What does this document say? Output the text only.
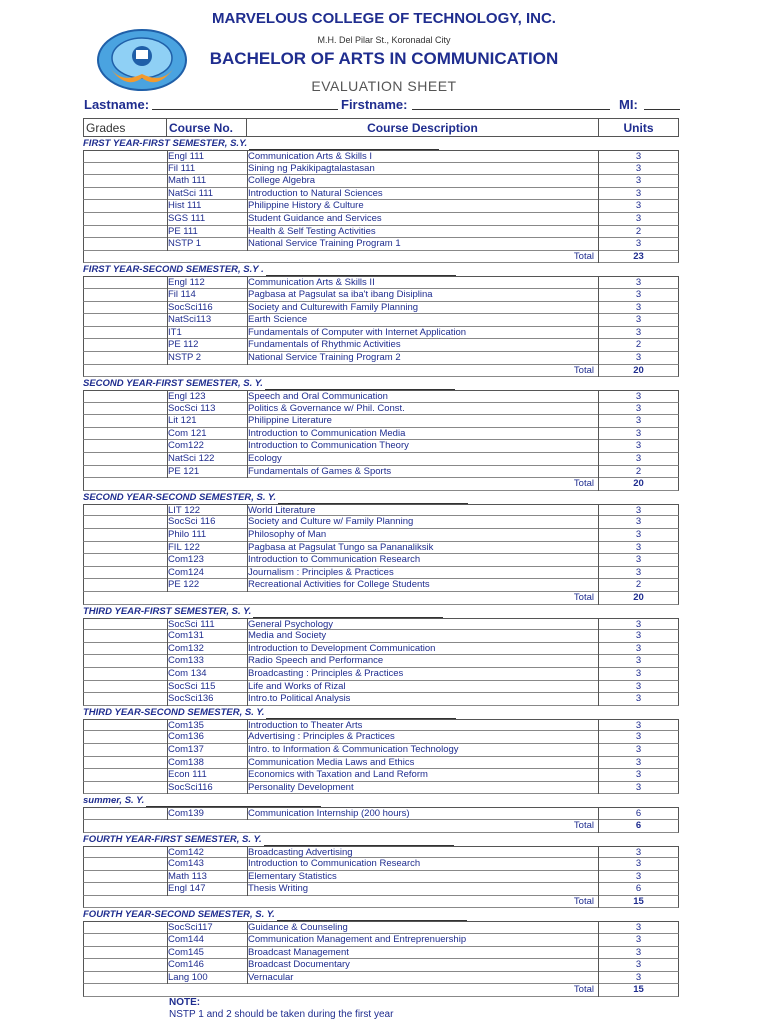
MARVELOUS COLLEGE OF TECHNOLOGY, INC.
M.H. Del Pilar St., Koronadal City
BACHELOR OF ARTS IN COMMUNICATION
EVALUATION SHEET
Lastname:	Firstname:	MI:
Grades	Course No.	Course Description	Units
FIRST YEAR-FIRST SEMESTER, S.Y.
Engl 111	Communication Arts & Skills I	3
Fil 111	Sining ng Pakikipagtalastasan	3
Math 111	College Algebra	3
NatSci 111	Introduction to Natural Sciences	3
Hist 111	Philippine History & Culture	3
SGS 111	Student Guidance and Services	3
PE 111	Health & Self Testing Activities	2
NSTP 1	National Service Training Program 1	3
Total	23
FIRST YEAR-SECOND SEMESTER, S.Y .
Engl 112	Communication Arts & Skills II	3
Fil 114	Pagbasa at Pagsulat sa iba't ibang Disiplina	3
SocSci116	Society and Culturewith Family Planning	3
NatSci113	Earth Science	3
IT1	Fundamentals of Computer with Internet Application	3
PE 112	Fundamentals of Rhythmic Activities	2
NSTP 2	National Service Training Program 2	3
Total	20
SECOND YEAR-FIRST SEMESTER, S. Y.
Engl 123	Speech and Oral Communication	3
SocSci 113	Politics & Governance w/ Phil. Const.	3
Lit 121	Philippine Literature	3
Com 121	Introduction to Communication Media	3
Com122	Introduction to Communication Theory	3
NatSci 122	Ecology	3
PE 121	Fundamentals of Games & Sports	2
Total	20
SECOND YEAR-SECOND SEMESTER, S. Y.
LIT 122	World Literature	3
SocSci 116	Society and Culture w/ Family Planning	3
Philo 111	Philosophy of Man	3
FIL 122	Pagbasa at Pagsulat Tungo sa Pananaliksik	3
Com123	Introduction to Communication Research	3
Com124	Journalism : Principles & Practices	3
PE 122	Recreational Activities for College Students	2
Total	20
THIRD YEAR-FIRST SEMESTER, S. Y.
SocSci 111	General Psychology	3
Com131	Media and Society	3
Com132	Introduction to Development Communication	3
Com133	Radio Speech and Performance	3
Com 134	Broadcasting : Principles & Practices	3
SocSci 115	Life and Works of Rizal	3
SocSci136	Intro.to Political Analysis	3
THIRD YEAR-SECOND SEMESTER, S. Y.
Com135	Introduction to Theater Arts	3
Com136	Advertising : Principles & Practices	3
Com137	Intro. to Information & Communication Technology	3
Com138	Communication Media Laws and Ethics	3
Econ 111	Economics with Taxation and Land Reform	3
SocSci116	Personality Development	3
summer, S. Y.
Com139	Communication Internship (200 hours)	6
Total	6
FOURTH YEAR-FIRST SEMESTER, S. Y.
Com142	Broadcasting Advertising	3
Com143	Introduction to Communication Research	3
Math 113	Elementary Statistics	3
Engl 147	Thesis Writing	6
Total	15
FOURTH YEAR-SECOND SEMESTER, S. Y.
SocSci117	Guidance & Counseling	3
Com144	Communication Management and Entreprenuership	3
Com145	Broadcast Management	3
Com146	Broadcast Documentary	3
Lang 100	Vernacular	3
Total	15
NOTE:
NSTP 1 and 2 should be taken during the first year
